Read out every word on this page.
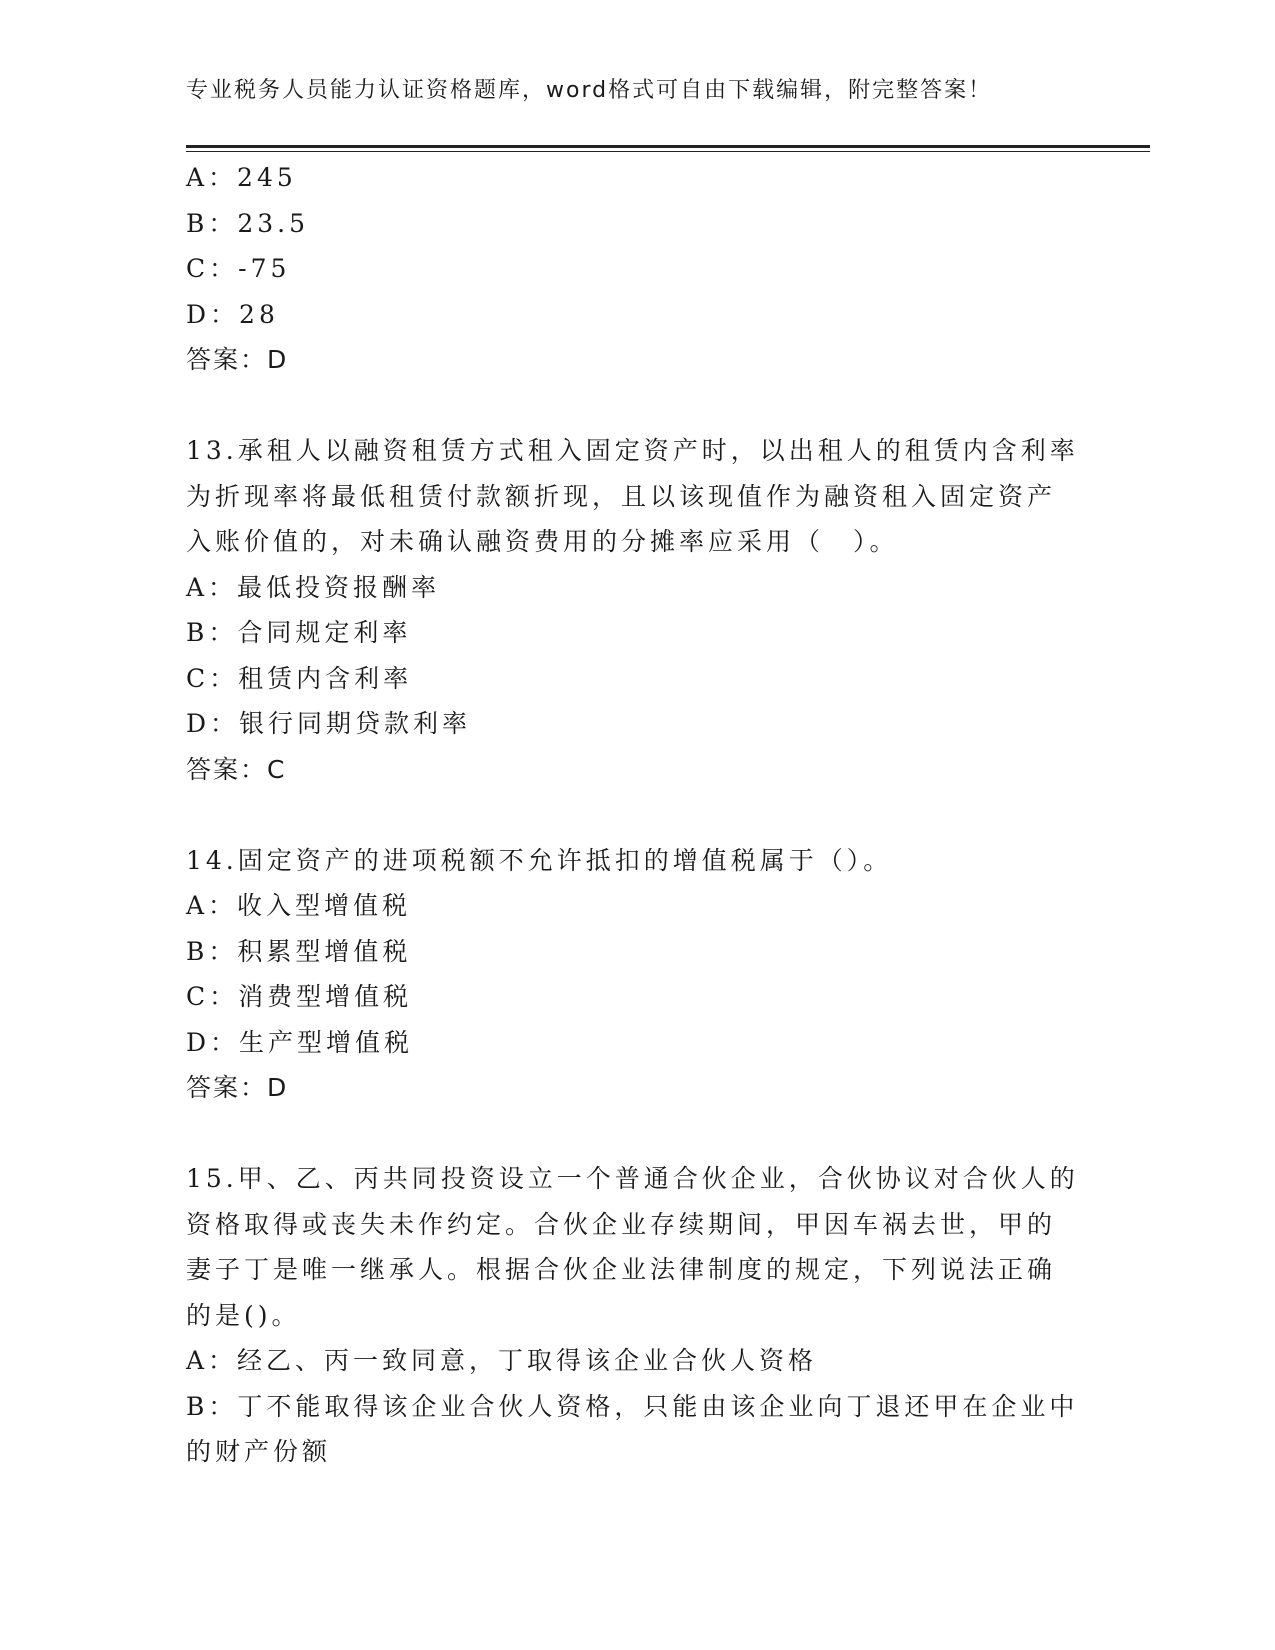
专业税务人员能力认证资格题库，word格式可自由下载编辑，附完整答案！
A：245
B：23.5
C：-75
D：28
答案：D
13.承租人以融资租赁方式租入固定资产时，以出租人的租赁内含利率
为折现率将最低租赁付款额折现，且以该现值作为融资租入固定资产
入账价值的，对未确认融资费用的分摊率应采用（　）。
A：最低投资报酬率
B：合同规定利率
C：租赁内含利率
D：银行同期贷款利率
答案：C
14.固定资产的进项税额不允许抵扣的增值税属于（）。
A：收入型增值税
B：积累型增值税
C：消费型增值税
D：生产型增值税
答案：D
15.甲、乙、丙共同投资设立一个普通合伙企业，合伙协议对合伙人的
资格取得或丧失未作约定。合伙企业存续期间，甲因车祸去世，甲的
妻子丁是唯一继承人。根据合伙企业法律制度的规定，下列说法正确
的是()。
A：经乙、丙一致同意，丁取得该企业合伙人资格
B：丁不能取得该企业合伙人资格，只能由该企业向丁退还甲在企业中
的财产份额
